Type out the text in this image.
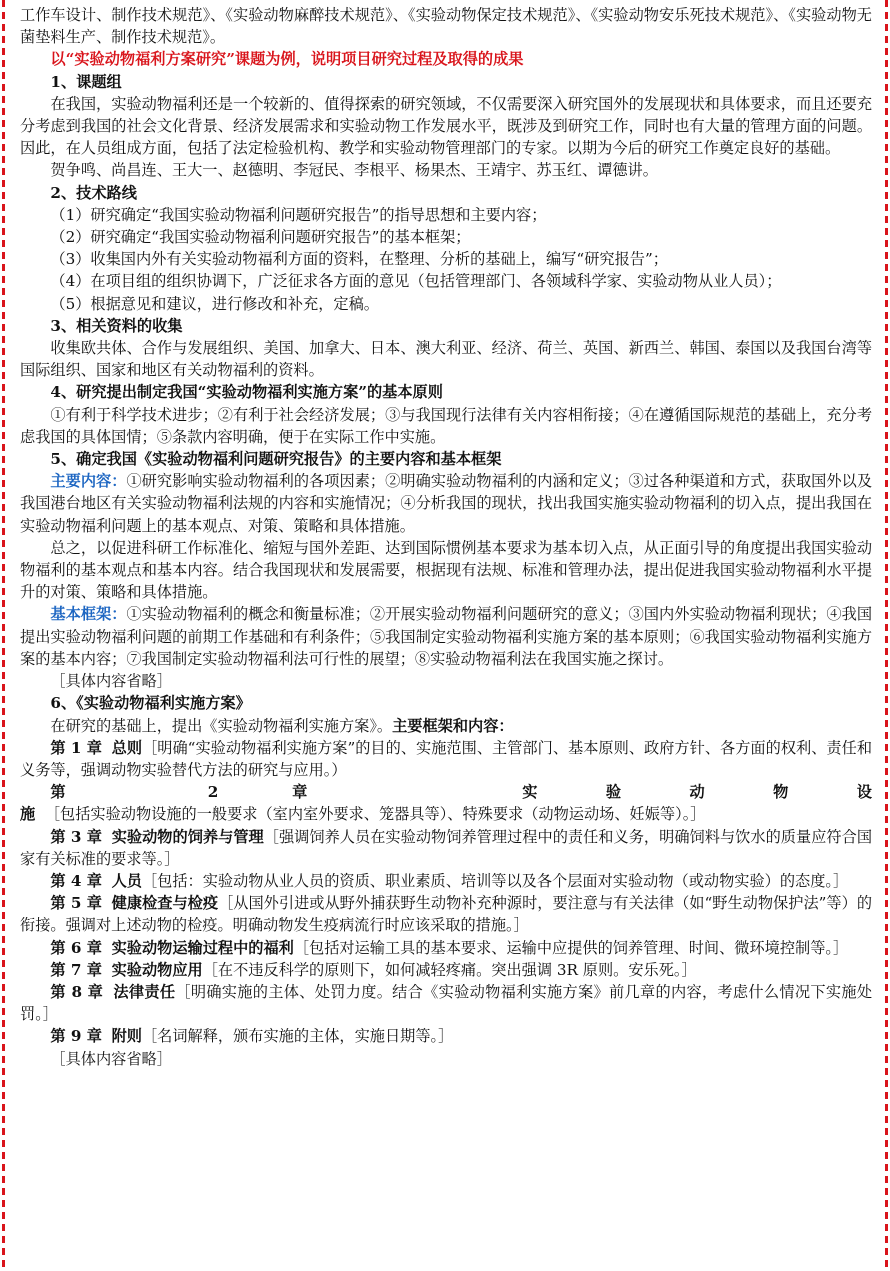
工作车设计、制作技术规范》、《实验动物麻醉技术规范》、《实验动物保定技术规范》、《实验动物安乐死技术规范》、《实验动物无菌垫料生产、制作技术规范》。

以“实验动物福利方案研究”课题为例，说明项目研究过程及取得的成果

1、课题组

在我国，实验动物福利还是一个较新的、值得探索的研究领域，不仅需要深入研究国外的发展现状和具体要求，而且还要充分考虑到我国的社会文化背景、经济发展需求和实验动物工作发展水平，既涉及到研究工作，同时也有大量的管理方面的问题。因此，在人员组成方面，包括了法定检验机构、教学和实验动物管理部门的专家。以期为今后的研究工作奠定良好的基础。

贺争鸣、尚昌连、王大一、赵德明、李冠民、李根平、杨果杰、王靖宇、苏玉红、谭德讲。

2、技术路线

（1）研究确定“我国实验动物福利问题研究报告”的指导思想和主要内容；

（2）研究确定“我国实验动物福利问题研究报告”的基本框架；

（3）收集国内外有关实验动物福利方面的资料，在整理、分析的基础上，编写“研究报告”；

（4）在项目组的组织协调下，广泛征求各方面的意见（包括管理部门、各领域科学家、实验动物从业人员）；

（5）根据意见和建议，进行修改和补充，定稿。

3、相关资料的收集

收集欧共体、合作与发展组织、美国、加拿大、日本、澳大利亚、经济、荷兰、英国、新西兰、韩国、泰国以及我国台湾等国际组织、国家和地区有关动物福利的资料。

4、研究提出制定我国“实验动物福利实施方案”的基本原则

①有利于科学技术进步；②有利于社会经济发展；③与我国现行法律有关内容相衔接；④在遵循国际规范的基础上，充分考虑我国的具体国情；⑤条款内容明确，便于在实际工作中实施。

5、确定我国《实验动物福利问题研究报告》的主要内容和基本框架

主要内容：①研究影响实验动物福利的各项因素；②明确实验动物福利的内涵和定义；③过各种渠道和方式，获取国外以及我国港台地区有关实验动物福利法规的内容和实施情况；④分析我国的现状，找出我国实施实验动物福利的切入点，提出我国在实验动物福利问题上的基本观点、对策、策略和具体措施。

总之，以促进科研工作标准化、缩短与国外差距、达到国际惯例基本要求为基本切入点，从正面引导的角度提出我国实验动物福利的基本观点和基本内容。结合我国现状和发展需要，根据现有法规、标准和管理办法，提出促进我国实验动物福利水平提升的对策、策略和具体措施。

基本框架：①实验动物福利的概念和衡量标准；②开展实验动物福利问题研究的意义；③国内外实验动物福利现状；④我国提出实验动物福利问题的前期工作基础和有利条件；⑤我国制定实验动物福利实施方案的基本原则；⑥我国实验动物福利实施方案的基本内容；⑦我国制定实验动物福利法可行性的展望；⑧实验动物福利法在我国实施之探讨。

［具体内容省略］

6、《实验动物福利实施方案》

在研究的基础上，提出《实验动物福利实施方案》。主要框架和内容：

第 1 章 总则［明确“实验动物福利实施方案”的目的、实施范围、主管部门、基本原则、政府方针、各方面的权利、责任和义务等，强调动物实验替代方法的研究与应用。）

第 2 章	实验动物设施 ［包括实验动物设施的一般要求（室内室外要求、笼器具等）、特殊要求（动物运动场、妊娠等）。］

第 3 章 实验动物的饲养与管理［强调饲养人员在实验动物饲养管理过程中的责任和义务，明确饲料与饮水的质量应符合国家有关标准的要求等。］

第 4 章 人员［包括：实验动物从业人员的资质、职业素质、培训等以及各个层面对实验动物（或动物实验）的态度。］

第 5 章 健康检查与检疫［从国外引进或从野外捕获野生动物补充种源时，要注意与有关法律（如“野生动物保护法”等）的衔接。强调对上述动物的检疫。明确动物发生疫病流行时应该采取的措施。］

第 6 章 实验动物运输过程中的福利［包括对运输工具的基本要求、运输中应提供的饲养管理、时间、微环境控制等。］

第 7 章 实验动物应用［在不违反科学的原则下，如何减轻疼痛。突出强调 3R 原则。安乐死。］

第 8 章 法律责任［明确实施的主体、处罚力度。结合《实验动物福利实施方案》前几章的内容，考虑什么情况下实施处罚。］

第 9 章 附则［名词解释，颁布实施的主体，实施日期等。］

［具体内容省略］
